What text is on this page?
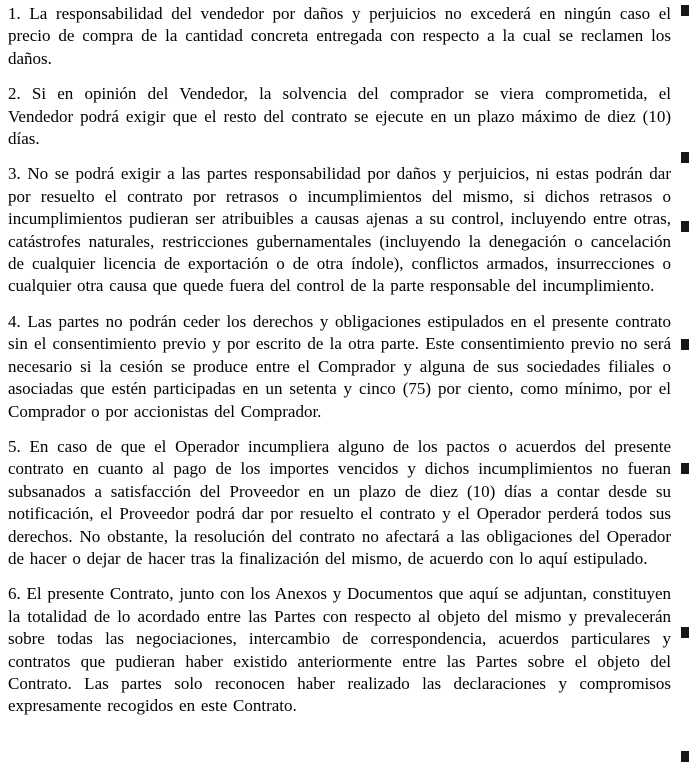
1. La responsabilidad del vendedor por daños y perjuicios no excederá en ningún caso el precio de compra de la cantidad concreta entregada con respecto a la cual se reclamen los daños.

2. Si en opinión del Vendedor, la solvencia del comprador se viera comprometida, el Vendedor podrá exigir que el resto del contrato se ejecute en un plazo máximo de diez (10) días.

3. No se podrá exigir a las partes responsabilidad por daños y perjuicios, ni estas podrán dar por resuelto el contrato por retrasos o incumplimientos del mismo, si dichos retrasos o incumplimientos pudieran ser atribuibles a causas ajenas a su control, incluyendo entre otras, catástrofes naturales, restricciones gubernamentales (incluyendo la denegación o cancelación de cualquier licencia de exportación o de otra índole), conflictos armados, insurrecciones o cualquier otra causa que quede fuera del control de la parte responsable del incumplimiento.

4. Las partes no podrán ceder los derechos y obligaciones estipulados en el presente contrato sin el consentimiento previo y por escrito de la otra parte. Este consentimiento previo no será necesario si la cesión se produce entre el Comprador y alguna de sus sociedades filiales o asociadas que estén participadas en un setenta y cinco (75) por ciento, como mínimo, por el Comprador o por accionistas del Comprador.

5. En caso de que el Operador incumpliera alguno de los pactos o acuerdos del presente contrato en cuanto al pago de los importes vencidos y dichos incumplimientos no fueran subsanados a satisfacción del Proveedor en un plazo de diez (10) días a contar desde su notificación, el Proveedor podrá dar por resuelto el contrato y el Operador perderá todos sus derechos. No obstante, la resolución del contrato no afectará a las obligaciones del Operador de hacer o dejar de hacer tras la finalización del mismo, de acuerdo con lo aquí estipulado.

6. El presente Contrato, junto con los Anexos y Documentos que aquí se adjuntan, constituyen la totalidad de lo acordado entre las Partes con respecto al objeto del mismo y prevalecerán sobre todas las negociaciones, intercambio de correspondencia, acuerdos particulares y contratos que pudieran haber existido anteriormente entre las Partes sobre el objeto del Contrato. Las partes solo reconocen haber realizado las declaraciones y compromisos expresamente recogidos en este Contrato.
